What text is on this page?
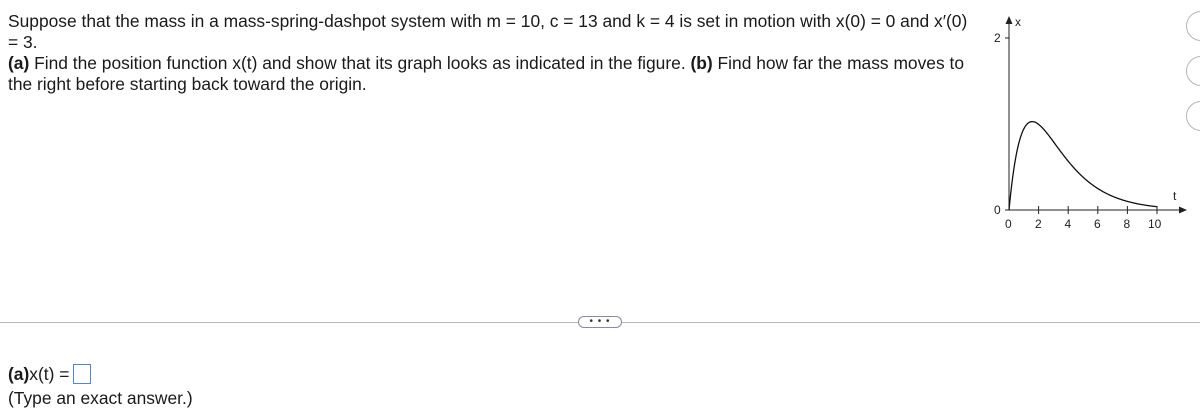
Suppose that the mass in a mass-spring-dashpot system with m = 10, c = 13 and k = 4 is set in motion with x(0) = 0 and x′(0) = 3.
(a) Find the position function x(t) and show that its graph looks as indicated in the figure. (b) Find how far the mass moves to the right before starting back toward the origin.
2
0
0 2 4 6 8 10
x
t
• • •
(a) x(t) =
(Type an exact answer.)
